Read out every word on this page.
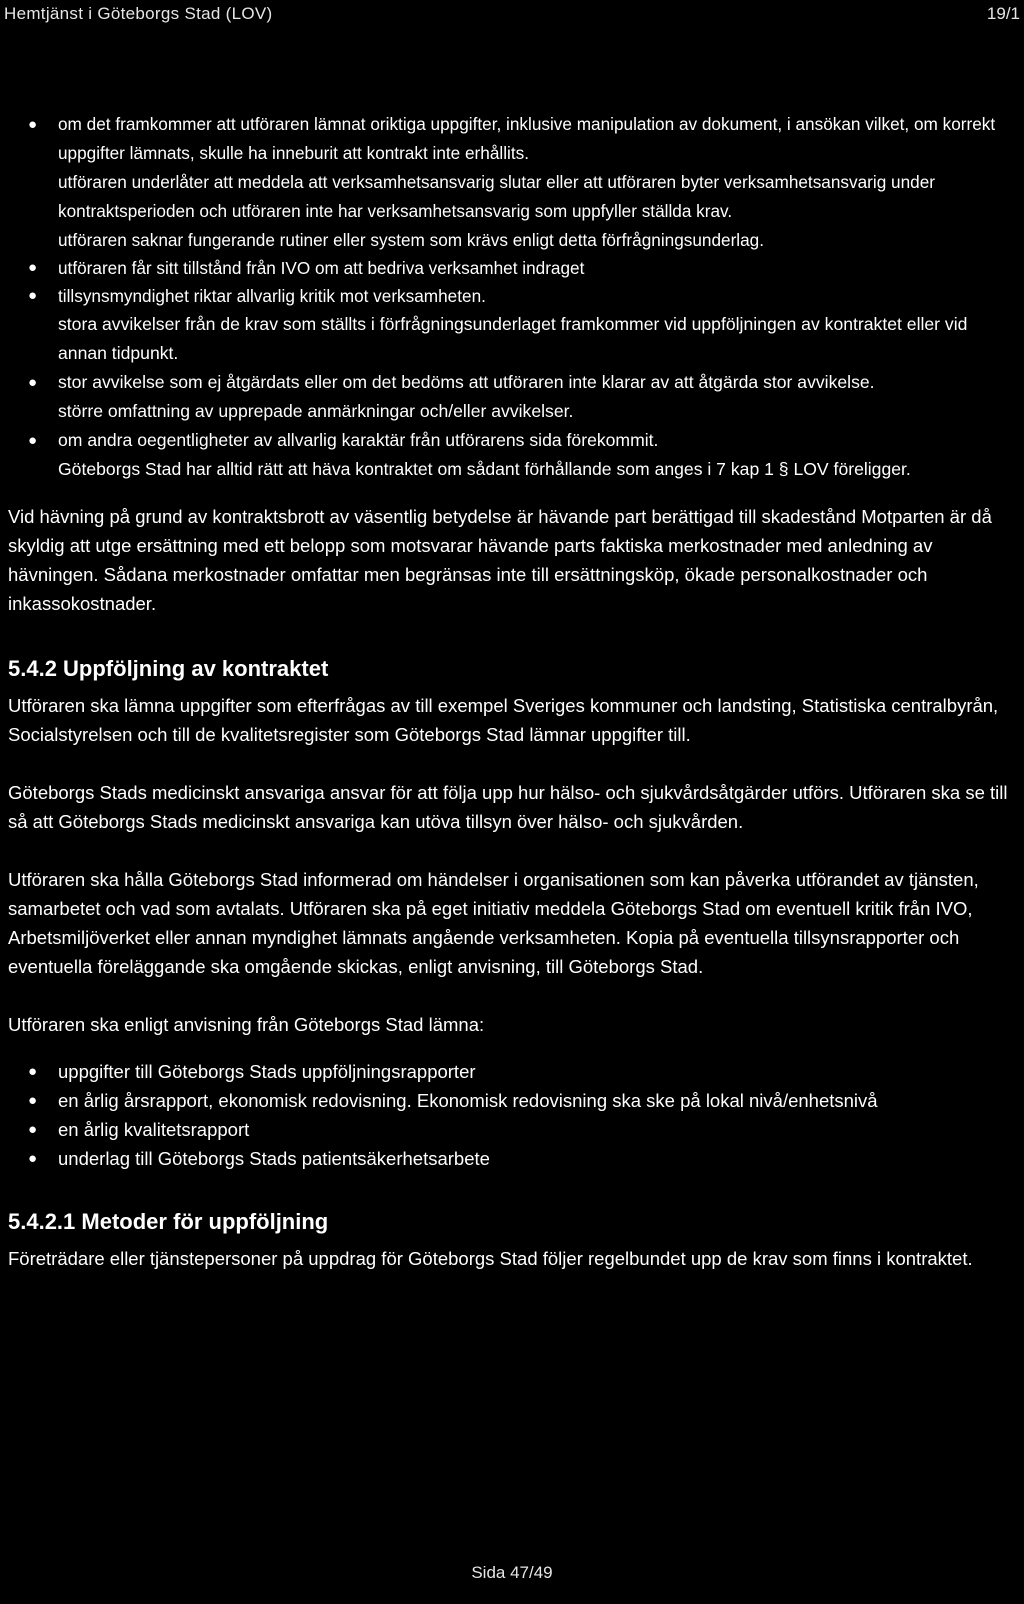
Hemtjänst i Göteborgs Stad (LOV)	19/1
● om det framkommer att utföraren lämnat oriktiga uppgifter, inklusive manipulation av dokument, i ansökan vilket, om korrekt uppgifter lämnats, skulle ha inneburit att kontrakt inte erhållits.
utföraren underlåter att meddela att verksamhetsansvarig slutar eller att utföraren byter verksamhetsansvarig under kontraktsperioden och utföraren inte har verksamhetsansvarig som uppfyller ställda krav.
utföraren saknar fungerande rutiner eller system som krävs enligt detta förfrågningsunderlag.
● utföraren får sitt tillstånd från IVO om att bedriva verksamhet indraget
● tillsynsmyndighet riktar allvarlig kritik mot verksamheten.
stora avvikelser från de krav som ställts i förfrågningsunderlaget framkommer vid uppföljningen av kontraktet eller vid annan tidpunkt.
● stor avvikelse som ej åtgärdats eller om det bedöms att utföraren inte klarar av att åtgärda stor avvikelse.
större omfattning av upprepade anmärkningar och/eller avvikelser.
● om andra oegentligheter av allvarlig karaktär från utförarens sida förekommit.
Göteborgs Stad har alltid rätt att häva kontraktet om sådant förhållande som anges i 7 kap 1 § LOV föreligger.

Vid hävning på grund av kontraktsbrott av väsentlig betydelse är hävande part berättigad till skadestånd Motparten är då skyldig att utge ersättning med ett belopp som motsvarar hävande parts faktiska merkostnader med anledning av hävningen. Sådana merkostnader omfattar men begränsas inte till ersättningsköp, ökade personalkostnader och inkassokostnader.

5.4.2 Uppföljning av kontraktet

Utföraren ska lämna uppgifter som efterfrågas av till exempel Sveriges kommuner och landsting, Statistiska centralbyrån, Socialstyrelsen och till de kvalitetsregister som Göteborgs Stad lämnar uppgifter till.

Göteborgs Stads medicinskt ansvariga ansvar för att följa upp hur hälso- och sjukvårdsåtgärder utförs. Utföraren ska se till så att Göteborgs Stads medicinskt ansvariga kan utöva tillsyn över hälso- och sjukvården.

Utföraren ska hålla Göteborgs Stad informerad om händelser i organisationen som kan påverka utförandet av tjänsten, samarbetet och vad som avtalats. Utföraren ska på eget initiativ meddela Göteborgs Stad om eventuell kritik från IVO, Arbetsmiljöverket eller annan myndighet lämnats angående verksamheten. Kopia på eventuella tillsynsrapporter och eventuella föreläggande ska omgående skickas, enligt anvisning, till Göteborgs Stad.

Utföraren ska enligt anvisning från Göteborgs Stad lämna:

● uppgifter till Göteborgs Stads uppföljningsrapporter
● en årlig årsrapport, ekonomisk redovisning. Ekonomisk redovisning ska ske på lokal nivå/enhetsnivå
● en årlig kvalitetsrapport
● underlag till Göteborgs Stads patientsäkerhetsarbete
5.4.2.1 Metoder för uppföljning

Företrädare eller tjänstepersoner på uppdrag för Göteborgs Stad följer regelbundet upp de krav som finns i kontraktet.

Sida 47/49
